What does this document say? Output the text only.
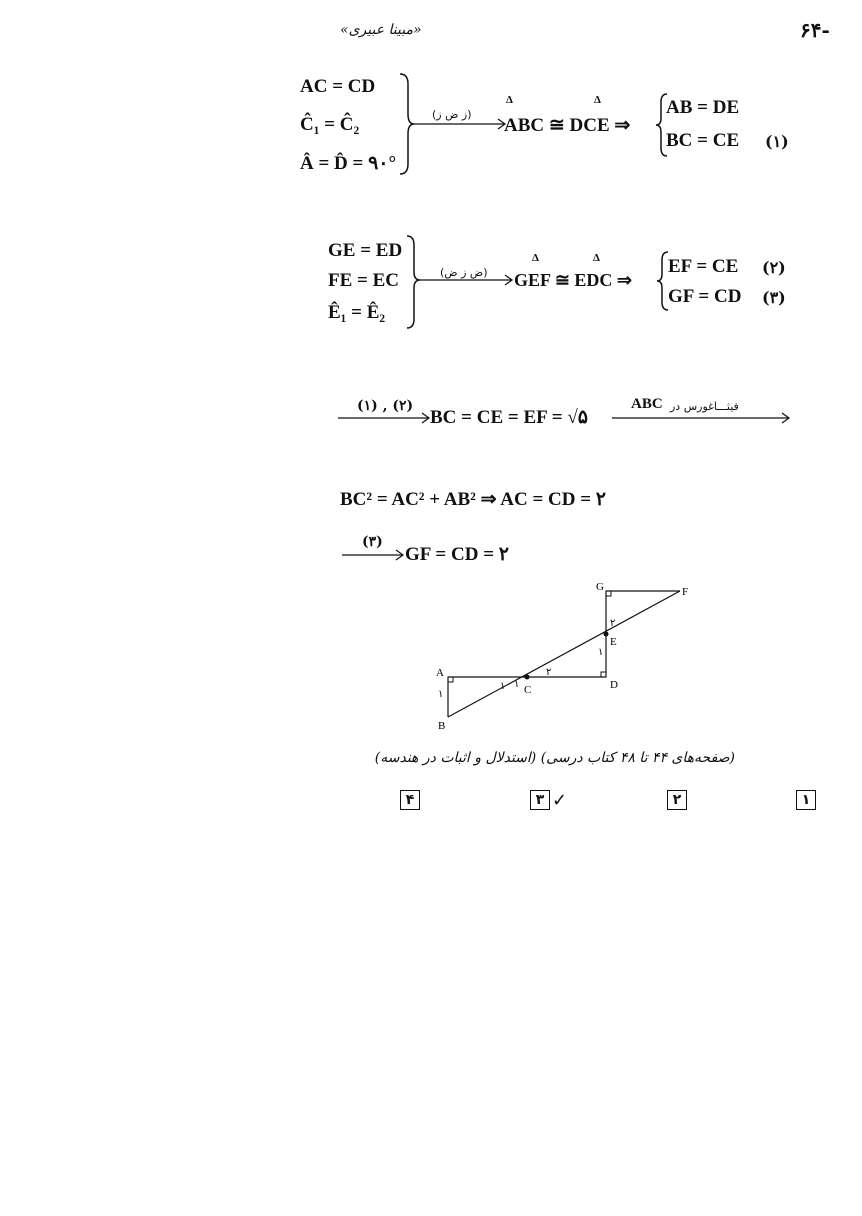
«مبینا عبیری»	-۶۴
AC = CD
Ĉ₁ = Ĉ₂
Â = D̂ = ۹۰°
(ز ض ز)
Δ	Δ
ABC ≅ DCE ⇒
AB = DE
BC = CE (۱)
GE = ED
FE = EC
Ê₁ = Ê₂
(ض ز ض)
Δ	Δ
GEF ≅ EDC ⇒
EF = CE
GF = CD
(۲)
(۳)
(۱) , (۲)
BC = CE = EF = √۵
فیثـــاغورس در
ABC
BC² = AC² + AB² ⇒ AC = CD = ۲
(۳)
GF = CD = ۲
G	F
E
A
C	D
B
۱
۲
۱
۲
۱ ۱
(صفحه‌های ۴۴ تا ۴۸ کتاب درسی) (استدلال و اثبات در هندسه)
۱
۲
۳ ✓
۴
